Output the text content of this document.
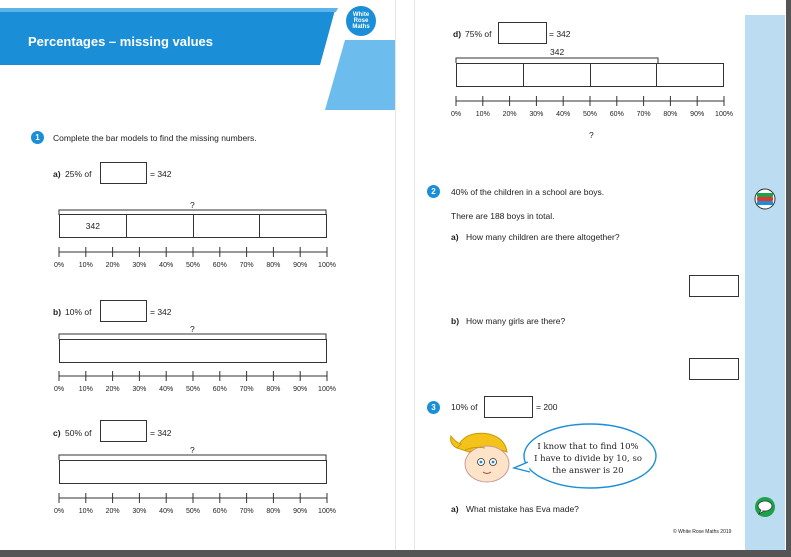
Percentages – missing values
White
Rose
Maths
1	Complete the bar models to find the missing numbers.
a) 25% of	= 342
?
342
b) 10% of	= 342
?
c) 50% of	= 342
?
0% 10% 20% 30% 40% 50% 60% 70% 80% 90% 100%
0% 10% 20% 30% 40% 50% 60% 70% 80% 90% 100%
0% 10% 20% 30% 40% 50% 60% 70% 80% 90% 100%
d) 75% of	= 342
342
?
2	40% of the children in a school are boys.
There are 188 boys in total.
a) How many children are there altogether?
b) How many girls are there?
3	10% of	= 200
I know that to find 10%
I have to divide by 10, so
the answer is 20
a) What mistake has Eva made?
© White Rose Maths 2019
0% 10% 20% 30% 40% 50% 60% 70% 80% 90% 100%
